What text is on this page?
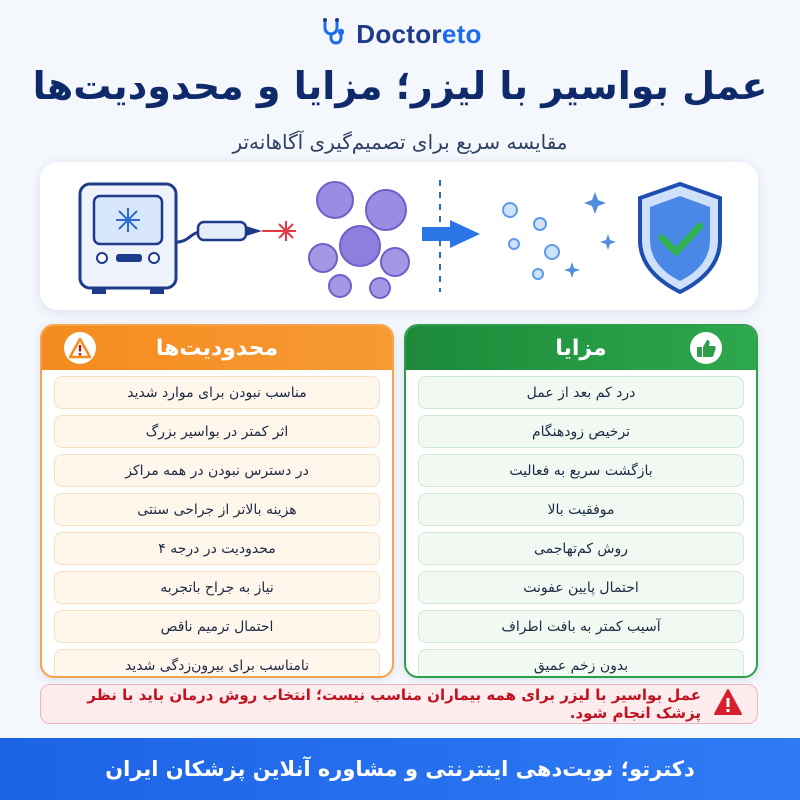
Doctoreto
عمل بواسیر با لیزر؛ مزایا و محدودیت‌ها
مقایسه سریع برای تصمیم‌گیری آگاهانه‌تر
محدودیت‌ها
مناسب نبودن برای موارد شدید
اثر کمتر در بواسیر بزرگ
در دسترس نبودن در همه مراکز
هزینه بالاتر از جراحی سنتی
محدودیت در درجه ۴
نیاز به جراح باتجربه
احتمال ترمیم ناقص
نامناسب برای بیرون‌زدگی شدید
مزایا
درد کم بعد از عمل
ترخیص زودهنگام
بازگشت سریع به فعالیت
موفقیت بالا
روش کم‌تهاجمی
احتمال پایین عفونت
آسیب کمتر به بافت اطراف
بدون زخم عمیق
عمل بواسیر با لیزر برای همه بیماران مناسب نیست؛ انتخاب روش درمان باید با نظر پزشک انجام شود.
دکترتو؛ نوبت‌دهی اینترنتی و مشاوره آنلاین پزشکان ایران
